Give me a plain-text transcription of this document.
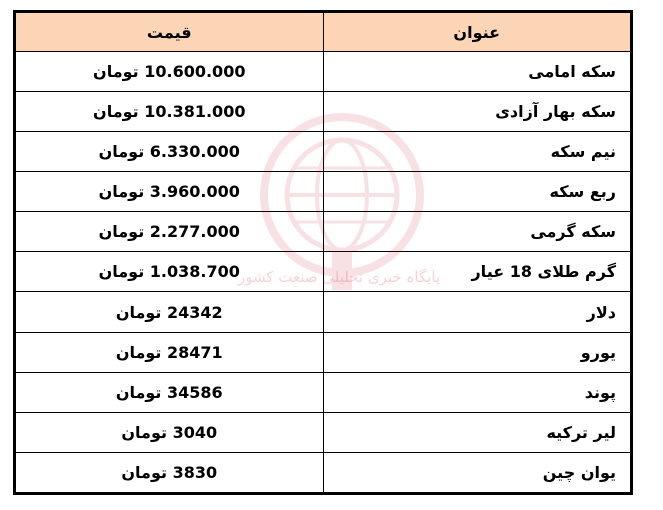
عنوان	قیمت
سکه امامی	10.600.000 تومان
سکه بهار آزادی	10.381.000 تومان
نیم سکه	6.330.000 تومان
ربع سکه	3.960.000 تومان
سکه گرمی	2.277.000 تومان
گرم طلای 18 عیار	1.038.700 تومان
دلار	24342 تومان
یورو	28471 تومان
پوند	34586 تومان
لیر ترکیه	3040 تومان
یوان چین	3830 تومان
پایگاه خبری تحلیلی صنعت کشور
